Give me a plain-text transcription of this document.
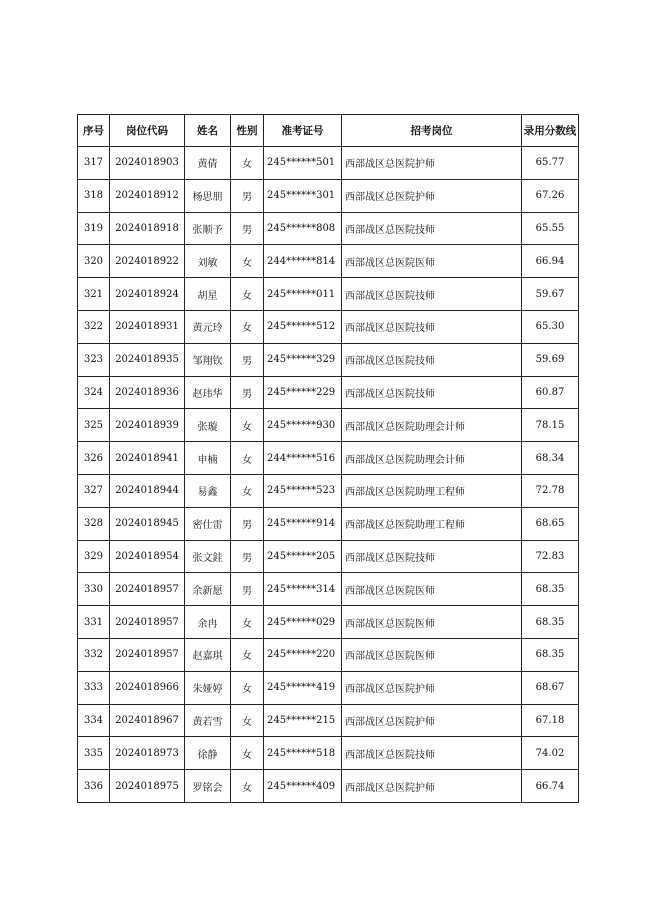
序号	岗位代码	姓名	性别	准考证号	招考岗位	录用分数线
317	2024018903	黄倩	女	245******501	西部战区总医院护师	65.77
318	2024018912	杨思朋	男	245******301	西部战区总医院护师	67.26
319	2024018918	张顺予	男	245******808	西部战区总医院技师	65.55
320	2024018922	刘敏	女	244******814	西部战区总医院医师	66.94
321	2024018924	胡星	女	245******011	西部战区总医院技师	59.67
322	2024018931	黄元玲	女	245******512	西部战区总医院技师	65.30
323	2024018935	邹翔钦	男	245******329	西部战区总医院技师	59.69
324	2024018936	赵玮华	男	245******229	西部战区总医院技师	60.87
325	2024018939	张璇	女	245******930	西部战区总医院助理会计师	78.15
326	2024018941	申楠	女	244******516	西部战区总医院助理会计师	68.34
327	2024018944	易鑫	女	245******523	西部战区总医院助理工程师	72.78
328	2024018945	密仕雷	男	245******914	西部战区总医院助理工程师	68.65
329	2024018954	张文銈	男	245******205	西部战区总医院技师	72.83
330	2024018957	余新愿	男	245******314	西部战区总医院医师	68.35
331	2024018957	余冉	女	245******029	西部战区总医院医师	68.35
332	2024018957	赵嘉琪	女	245******220	西部战区总医院医师	68.35
333	2024018966	朱娅婷	女	245******419	西部战区总医院护师	68.67
334	2024018967	黄若雪	女	245******215	西部战区总医院护师	67.18
335	2024018973	徐静	女	245******518	西部战区总医院技师	74.02
336	2024018975	罗铭会	女	245******409	西部战区总医院护师	66.74
